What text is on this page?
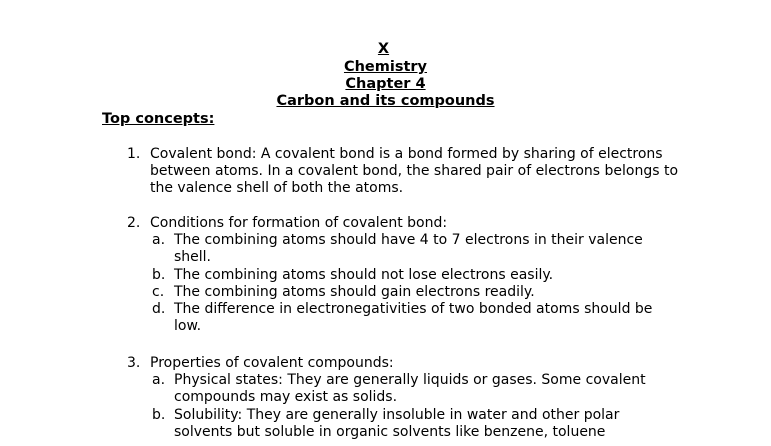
X
Chemistry
Chapter 4
Carbon and its compounds
Top concepts:
1. Covalent bond: A covalent bond is a bond formed by sharing of electrons between atoms. In a covalent bond, the shared pair of electrons belongs to the valence shell of both the atoms.
2. Conditions for formation of covalent bond:
a. The combining atoms should have 4 to 7 electrons in their valence shell.
b. The combining atoms should not lose electrons easily.
c. The combining atoms should gain electrons readily.
d. The difference in electronegativities of two bonded atoms should be low.
3. Properties of covalent compounds:
a. Physical states: They are generally liquids or gases. Some covalent compounds may exist as solids.
b. Solubility: They are generally insoluble in water and other polar solvents but soluble in organic solvents like benzene, toluene
